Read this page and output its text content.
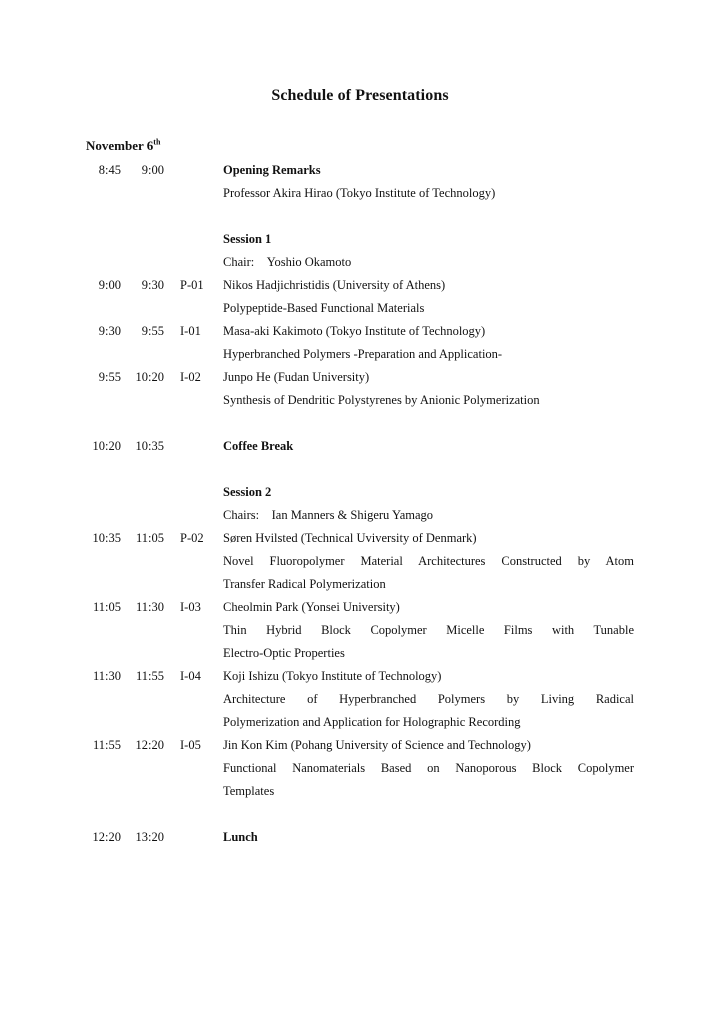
Schedule of Presentations
November 6th
8:45	9:00	Opening Remarks
Professor Akira Hirao (Tokyo Institute of Technology)
Session 1
Chair:　Yoshio Okamoto
9:00	9:30 P-01 Nikos Hadjichristidis (University of Athens)
Polypeptide-Based Functional Materials
9:30	9:55 I-01 Masa-aki Kakimoto (Tokyo Institute of Technology)
Hyperbranched Polymers -Preparation and Application-
9:55	10:20 I-02 Junpo He (Fudan University)
Synthesis of Dendritic Polystyrenes by Anionic Polymerization
10:20	10:35	Coffee Break
Session 2
Chairs:　Ian Manners & Shigeru Yamago
10:35	11:05 P-02 Søren Hvilsted (Technical Uviversity of Denmark)
Novel Fluoropolymer Material Architectures Constructed by Atom
Transfer Radical Polymerization
11:05	11:30 I-03 Cheolmin Park (Yonsei University)
Thin Hybrid Block Copolymer Micelle Films with Tunable
Electro-Optic Properties
11:30	11:55 I-04 Koji Ishizu (Tokyo Institute of Technology)
Architecture of Hyperbranched Polymers by Living Radical
Polymerization and Application for Holographic Recording
11:55	12:20 I-05 Jin Kon Kim (Pohang University of Science and Technology)
Functional Nanomaterials Based on Nanoporous Block Copolymer
Templates
12:20	13:20	Lunch
